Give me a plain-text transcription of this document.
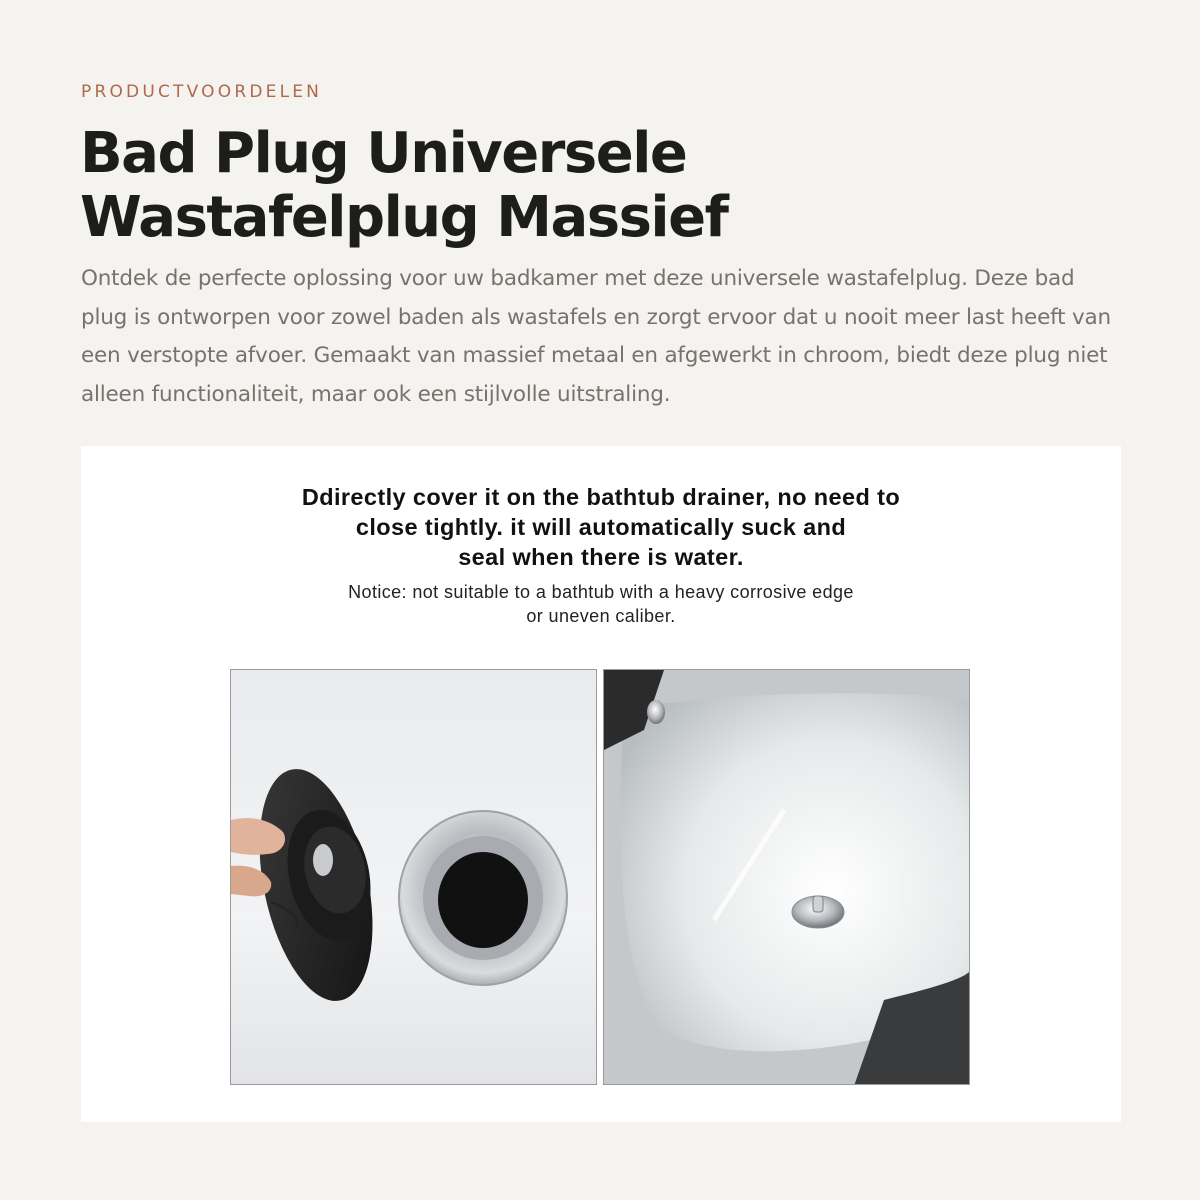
PRODUCTVOORDELEN
Bad Plug Universele
Wastafelplug Massief

Ontdek de perfecte oplossing voor uw badkamer met deze universele wastafelplug. Deze bad plug is ontworpen voor zowel baden als wastafels en zorgt ervoor dat u nooit meer last heeft van een verstopte afvoer. Gemaakt van massief metaal en afgewerkt in chroom, biedt deze plug niet alleen functionaliteit, maar ook een stijlvolle uitstraling.

Ddirectly cover it on the bathtub drainer, no need to
close tightly. it will automatically suck and
seal when there is water.
Notice: not suitable to a bathtub with a heavy corrosive edge
or uneven caliber.
